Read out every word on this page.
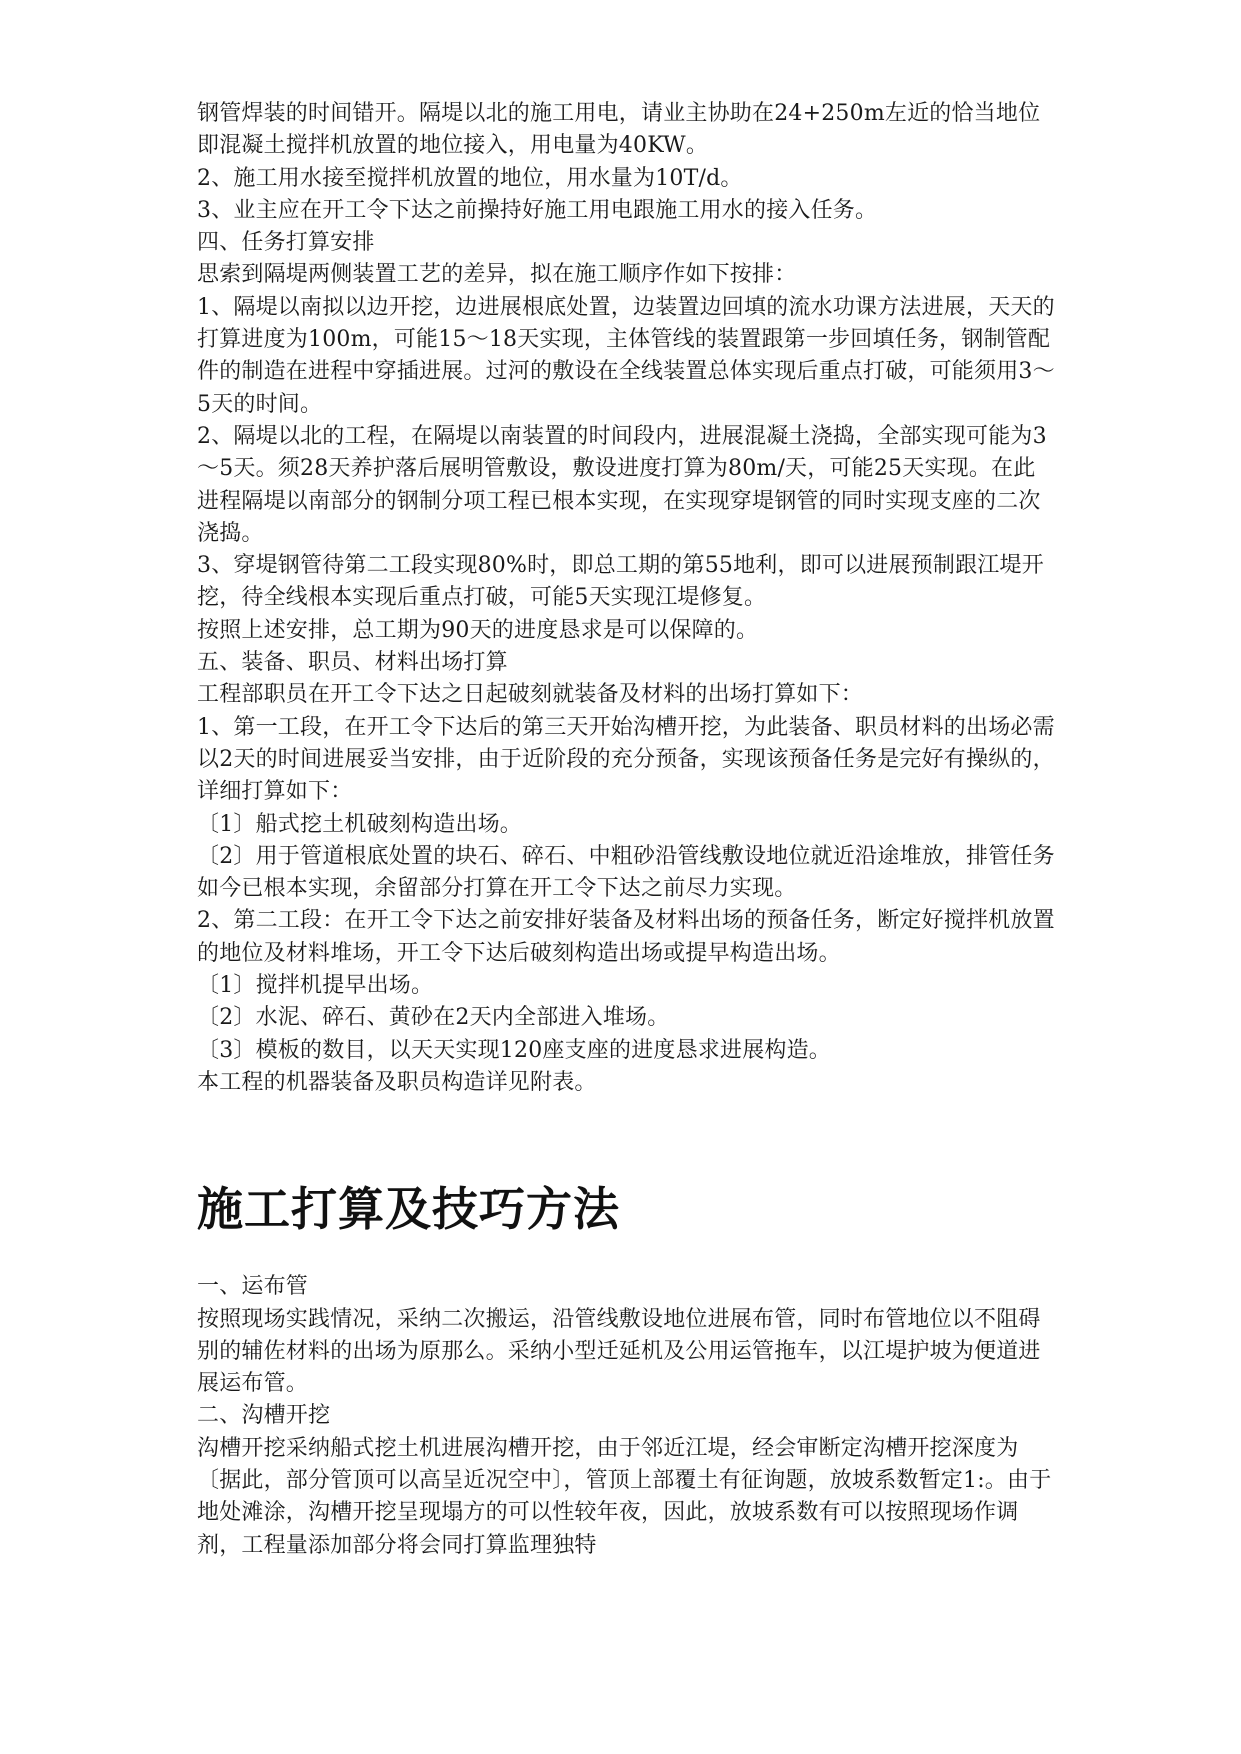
钢管焊装的时间错开。隔堤以北的施工用电，请业主协助在24+250m左近的恰当地位即混凝土搅拌机放置的地位接入，用电量为40KW。

2、施工用水接至搅拌机放置的地位，用水量为10T/d。

3、业主应在开工令下达之前操持好施工用电跟施工用水的接入任务。

四、任务打算安排

思索到隔堤两侧装置工艺的差异，拟在施工顺序作如下按排：

1、隔堤以南拟以边开挖，边进展根底处置，边装置边回填的流水功课方法进展，天天的打算进度为100m，可能15～18天实现，主体管线的装置跟第一步回填任务，钢制管配件的制造在进程中穿插进展。过河的敷设在全线装置总体实现后重点打破，可能须用3～5天的时间。

2、隔堤以北的工程，在隔堤以南装置的时间段内，进展混凝土浇捣，全部实现可能为3～5天。须28天养护落后展明管敷设，敷设进度打算为80m/天，可能25天实现。在此进程隔堤以南部分的钢制分项工程已根本实现，在实现穿堤钢管的同时实现支座的二次浇捣。

3、穿堤钢管待第二工段实现80%时，即总工期的第55地利，即可以进展预制跟江堤开挖，待全线根本实现后重点打破，可能5天实现江堤修复。

按照上述安排，总工期为90天的进度恳求是可以保障的。

五、装备、职员、材料出场打算

工程部职员在开工令下达之日起破刻就装备及材料的出场打算如下：

1、第一工段，在开工令下达后的第三天开始沟槽开挖，为此装备、职员材料的出场必需以2天的时间进展妥当安排，由于近阶段的充分预备，实现该预备任务是完好有操纵的，详细打算如下：

〔1〕船式挖土机破刻构造出场。

〔2〕用于管道根底处置的块石、碎石、中粗砂沿管线敷设地位就近沿途堆放，排管任务如今已根本实现，余留部分打算在开工令下达之前尽力实现。

2、第二工段：在开工令下达之前安排好装备及材料出场的预备任务，断定好搅拌机放置的地位及材料堆场，开工令下达后破刻构造出场或提早构造出场。

〔1〕搅拌机提早出场。

〔2〕水泥、碎石、黄砂在2天内全部进入堆场。

〔3〕模板的数目，以天天实现120座支座的进度恳求进展构造。

本工程的机器装备及职员构造详见附表。

施工打算及技巧方法

一、运布管

按照现场实践情况，采纳二次搬运，沿管线敷设地位进展布管，同时布管地位以不阻碍别的辅佐材料的出场为原那么。采纳小型迁延机及公用运管拖车，以江堤护坡为便道进展运布管。

二、沟槽开挖

沟槽开挖采纳船式挖土机进展沟槽开挖，由于邻近江堤，经会审断定沟槽开挖深度为〔据此，部分管顶可以高呈近况空中〕，管顶上部覆土有征询题，放坡系数暂定1:。由于地处滩涂，沟槽开挖呈现塌方的可以性较年夜，因此，放坡系数有可以按照现场作调剂，工程量添加部分将会同打算监理独特
